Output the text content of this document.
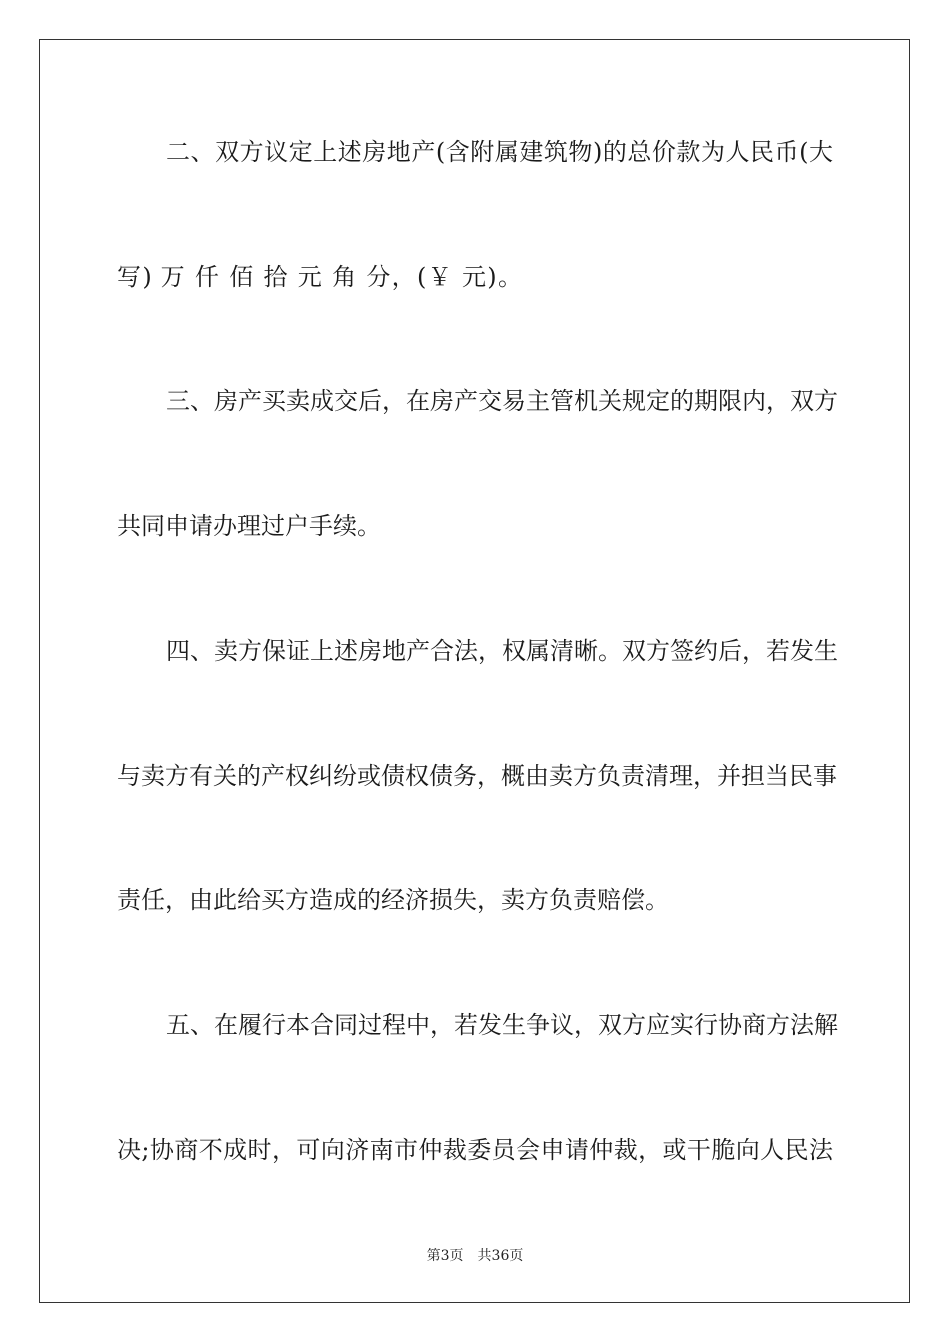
二、双方议定上述房地产(含附属建筑物)的总价款为人民币(大
写) 万 仟 佰 拾 元 角 分，(￥ 元)。
三、房产买卖成交后，在房产交易主管机关规定的期限内，双方
共同申请办理过户手续。
四、卖方保证上述房地产合法，权属清晰。双方签约后，若发生
与卖方有关的产权纠纷或债权债务，概由卖方负责清理，并担当民事
责任，由此给买方造成的经济损失，卖方负责赔偿。
五、在履行本合同过程中，若发生争议，双方应实行协商方法解
决;协商不成时，可向济南市仲裁委员会申请仲裁，或干脆向人民法
第3页 共36页
